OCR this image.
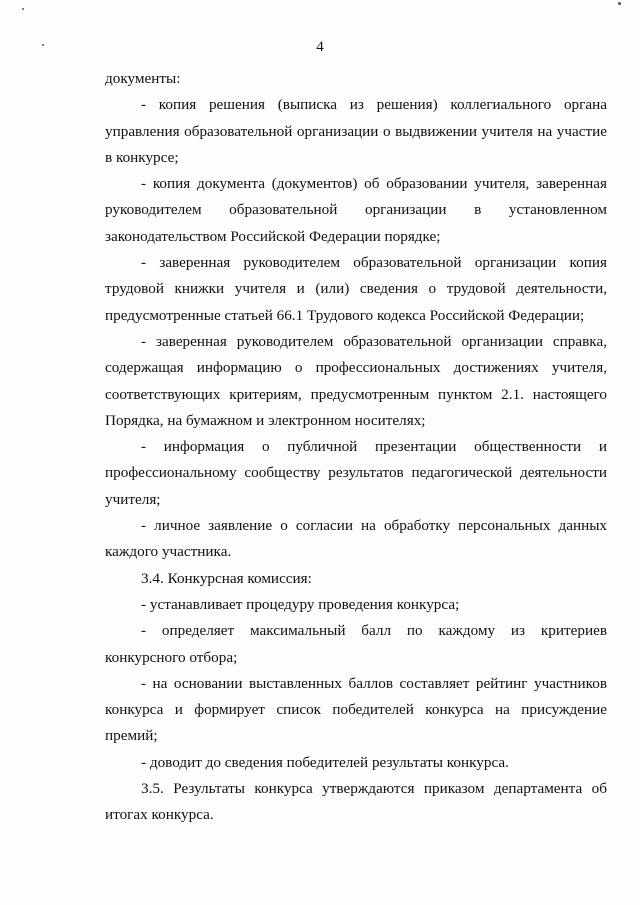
4

документы:

- копия решения (выписка из решения) коллегиального органа управления образовательной организации о выдвижении учителя на участие в конкурсе;

- копия документа (документов) об образовании учителя, заверенная руководителем образовательной организации в установленном законодательством Российской Федерации порядке;

- заверенная руководителем образовательной организации копия трудовой книжки учителя и (или) сведения о трудовой деятельности, предусмотренные статьей 66.1 Трудового кодекса Российской Федерации;

- заверенная руководителем образовательной организации справка, содержащая информацию о профессиональных достижениях учителя, соответствующих критериям, предусмотренным пунктом 2.1. настоящего Порядка, на бумажном и электронном носителях;

- информация о публичной презентации общественности и профессиональному сообществу результатов педагогической деятельности учителя;

- личное заявление о согласии на обработку персональных данных каждого участника.

3.4. Конкурсная комиссия:

- устанавливает процедуру проведения конкурса;

- определяет максимальный балл по каждому из критериев конкурсного отбора;

- на основании выставленных баллов составляет рейтинг участников конкурса и формирует список победителей конкурса на присуждение премий;

- доводит до сведения победителей результаты конкурса.

3.5. Результаты конкурса утверждаются приказом департамента об итогах конкурса.
